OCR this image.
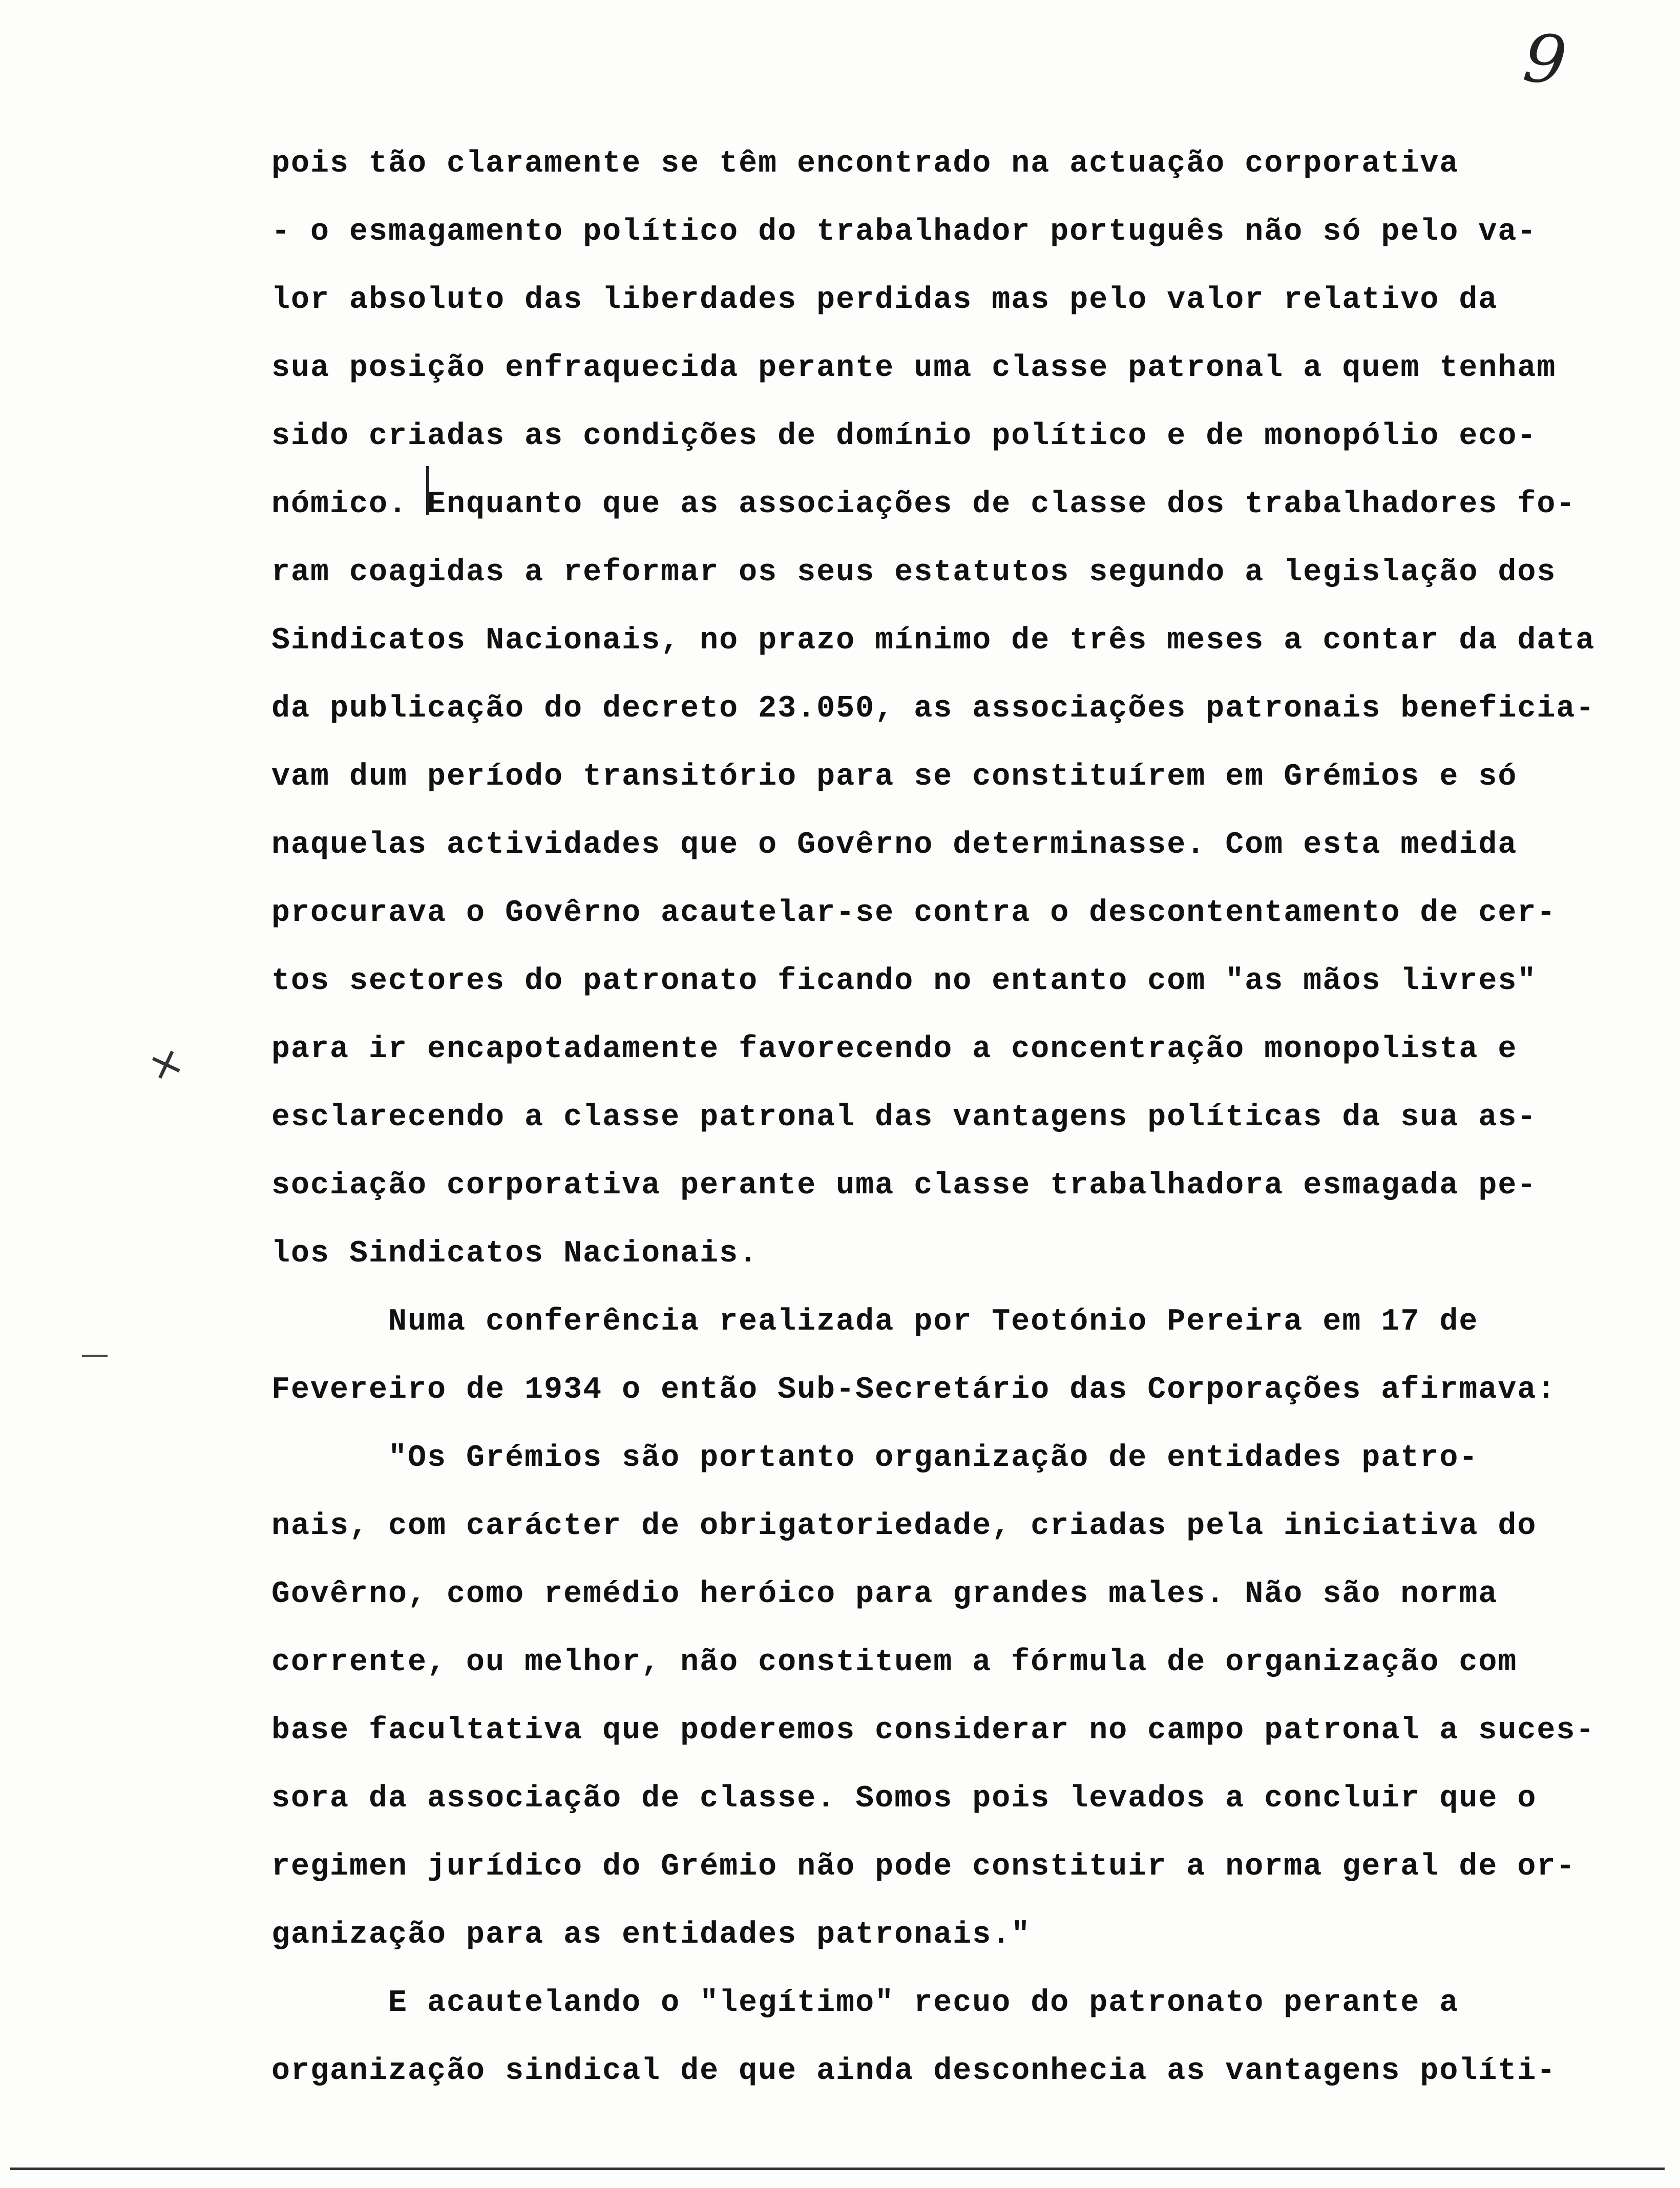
9
×
pois tão claramente se têm encontrado na actuação corporativa
- o esmagamento político do trabalhador português não só pelo va-
lor absoluto das liberdades perdidas mas pelo valor relativo da
sua posição enfraquecida perante uma classe patronal a quem tenham
sido criadas as condições de domínio político e de monopólio eco-
nómico. Enquanto que as associações de classe dos trabalhadores fo-
ram coagidas a reformar os seus estatutos segundo a legislação dos
Sindicatos Nacionais, no prazo mínimo de três meses a contar da data
da publicação do decreto 23.050, as associações patronais beneficia-
vam dum período transitório para se constituírem em Grémios e só
naquelas actividades que o Govêrno determinasse. Com esta medida
procurava o Govêrno acautelar-se contra o descontentamento de cer-
tos sectores do patronato ficando no entanto com "as mãos livres"
para ir encapotadamente favorecendo a concentração monopolista e
esclarecendo a classe patronal das vantagens políticas da sua as-
sociação corporativa perante uma classe trabalhadora esmagada pe-
los Sindicatos Nacionais.
Numa conferência realizada por Teotónio Pereira em 17 de
Fevereiro de 1934 o então Sub-Secretário das Corporações afirmava:
"Os Grémios são portanto organização de entidades patro-
nais, com carácter de obrigatoriedade, criadas pela iniciativa do
Govêrno, como remédio heróico para grandes males. Não são norma
corrente, ou melhor, não constituem a fórmula de organização com
base facultativa que poderemos considerar no campo patronal a suces-
sora da associação de classe. Somos pois levados a concluir que o
regimen jurídico do Grémio não pode constituir a norma geral de or-
ganização para as entidades patronais."
E acautelando o "legítimo" recuo do patronato perante a
organização sindical de que ainda desconhecia as vantagens políti-
